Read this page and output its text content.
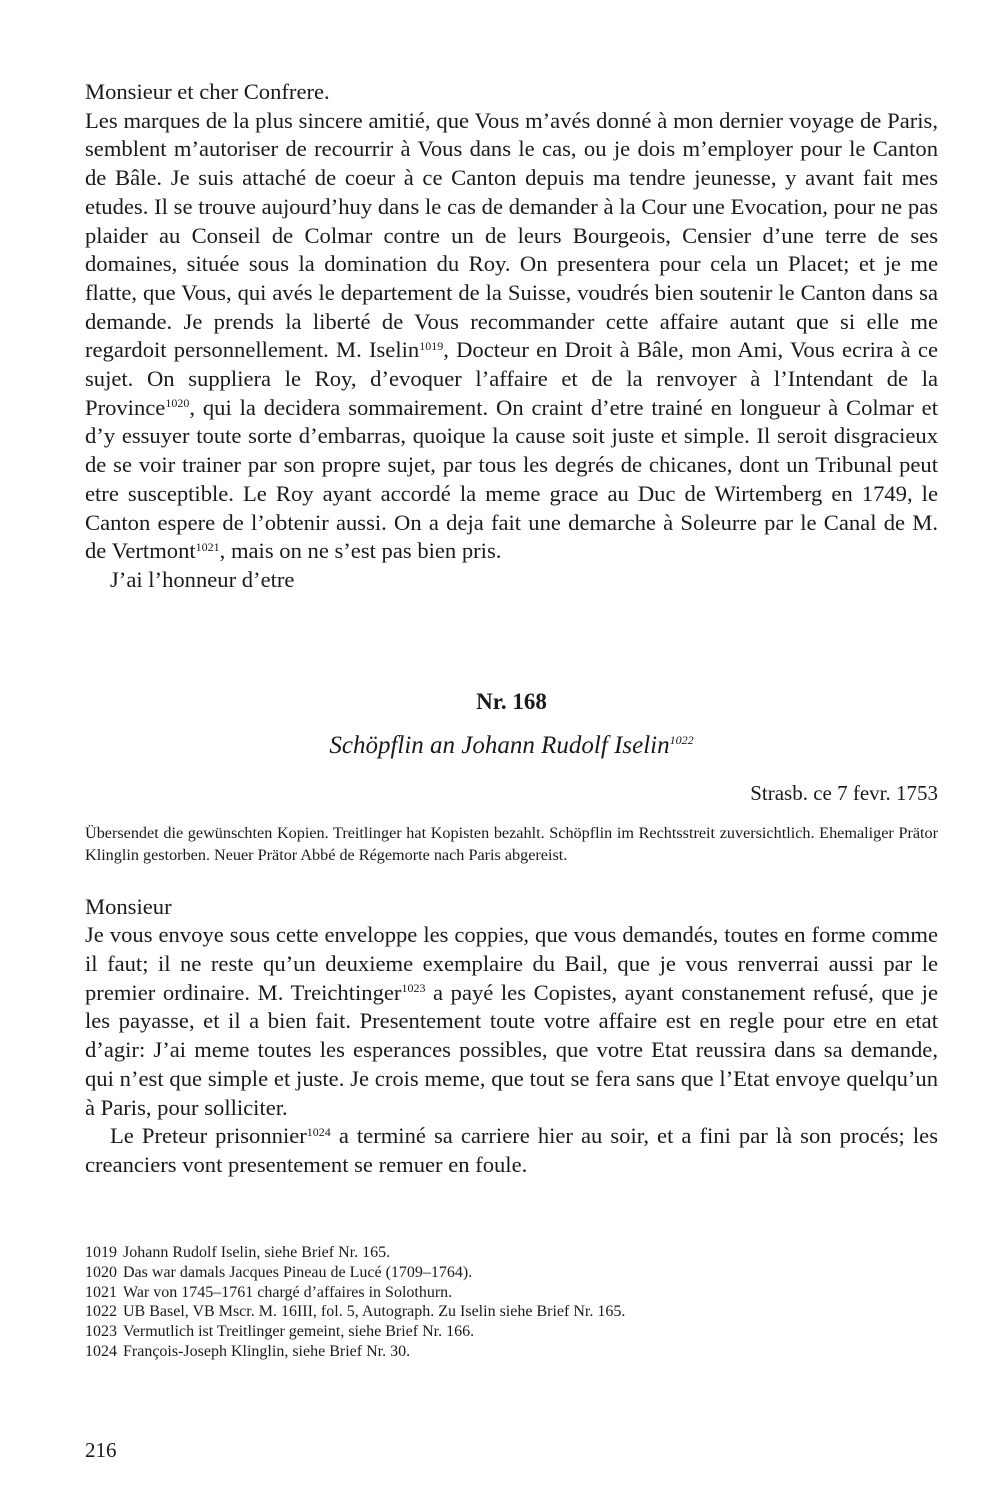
Monsieur et cher Confrere.

Les marques de la plus sincere amitié, que Vous m’avés donné à mon dernier voyage de Paris, semblent m’autoriser de recourrir à Vous dans le cas, ou je dois m’employer pour le Canton de Bâle. Je suis attaché de coeur à ce Canton depuis ma tendre jeunesse, y avant fait mes etudes. Il se trouve aujourd’huy dans le cas de demander à la Cour une Evocation, pour ne pas plaider au Conseil de Colmar contre un de leurs Bourgeois, Censier d’une terre de ses domaines, située sous la domination du Roy. On presentera pour cela un Placet; et je me flatte, que Vous, qui avés le departement de la Suisse, voudrés bien soutenir le Canton dans sa demande. Je prends la liberté de Vous recommander cette affaire autant que si elle me regardoit personnellement. M. Iselin$^{1019}$, Docteur en Droit à Bâle, mon Ami, Vous ecrira à ce sujet. On suppliera le Roy, d’evoquer l’affaire et de la renvoyer à l’Intendant de la Province$^{1020}$, qui la decidera sommairement. On craint d’etre trainé en longueur à Colmar et d’y essuyer toute sorte d’embarras, quoique la cause soit juste et simple. Il seroit disgracieux de se voir trainer par son propre sujet, par tous les degrés de chicanes, dont un Tribunal peut etre susceptible. Le Roy ayant accordé la meme grace au Duc de Wirtemberg en 1749, le Canton espere de l’obtenir aussi. On a deja fait une demarche à Soleurre par le Canal de M. de Vertmont$^{1021}$, mais on ne s’est pas bien pris.

J’ai l’honneur d’etre

Nr. 168
Schöpflin an Johann Rudolf Iselin$^{1022}$
Strasb. ce 7 fevr. 1753
Übersendet die gewünschten Kopien. Treitlinger hat Kopisten bezahlt. Schöpflin im Rechtsstreit zuversichtlich. Ehemaliger Prätor Klinglin gestorben. Neuer Prätor Abbé de Régemorte nach Paris abgereist.

Monsieur

Je vous envoye sous cette enveloppe les coppies, que vous demandés, toutes en forme comme il faut; il ne reste qu’un deuxieme exemplaire du Bail, que je vous renverrai aussi par le premier ordinaire. M. Treichtinger$^{1023}$ a payé les Copistes, ayant constanement refusé, que je les payasse, et il a bien fait. Presentement toute votre affaire est en regle pour etre en etat d’agir: J’ai meme toutes les esperances possibles, que votre Etat reussira dans sa demande, qui n’est que simple et juste. Je crois meme, que tout se fera sans que l’Etat envoye quelqu’un à Paris, pour solliciter.

Le Preteur prisonnier$^{1024}$ a terminé sa carriere hier au soir, et a fini par là son procés; les creanciers vont presentement se remuer en foule.

1019 Johann Rudolf Iselin, siehe Brief Nr. 165.

1020 Das war damals Jacques Pineau de Lucé (1709–1764).

1021 War von 1745–1761 chargé d’affaires in Solothurn.

1022 UB Basel, VB Mscr. M. 16III, fol. 5, Autograph. Zu Iselin siehe Brief Nr. 165.

1023 Vermutlich ist Treitlinger gemeint, siehe Brief Nr. 166.

1024 François-Joseph Klinglin, siehe Brief Nr. 30.

216
